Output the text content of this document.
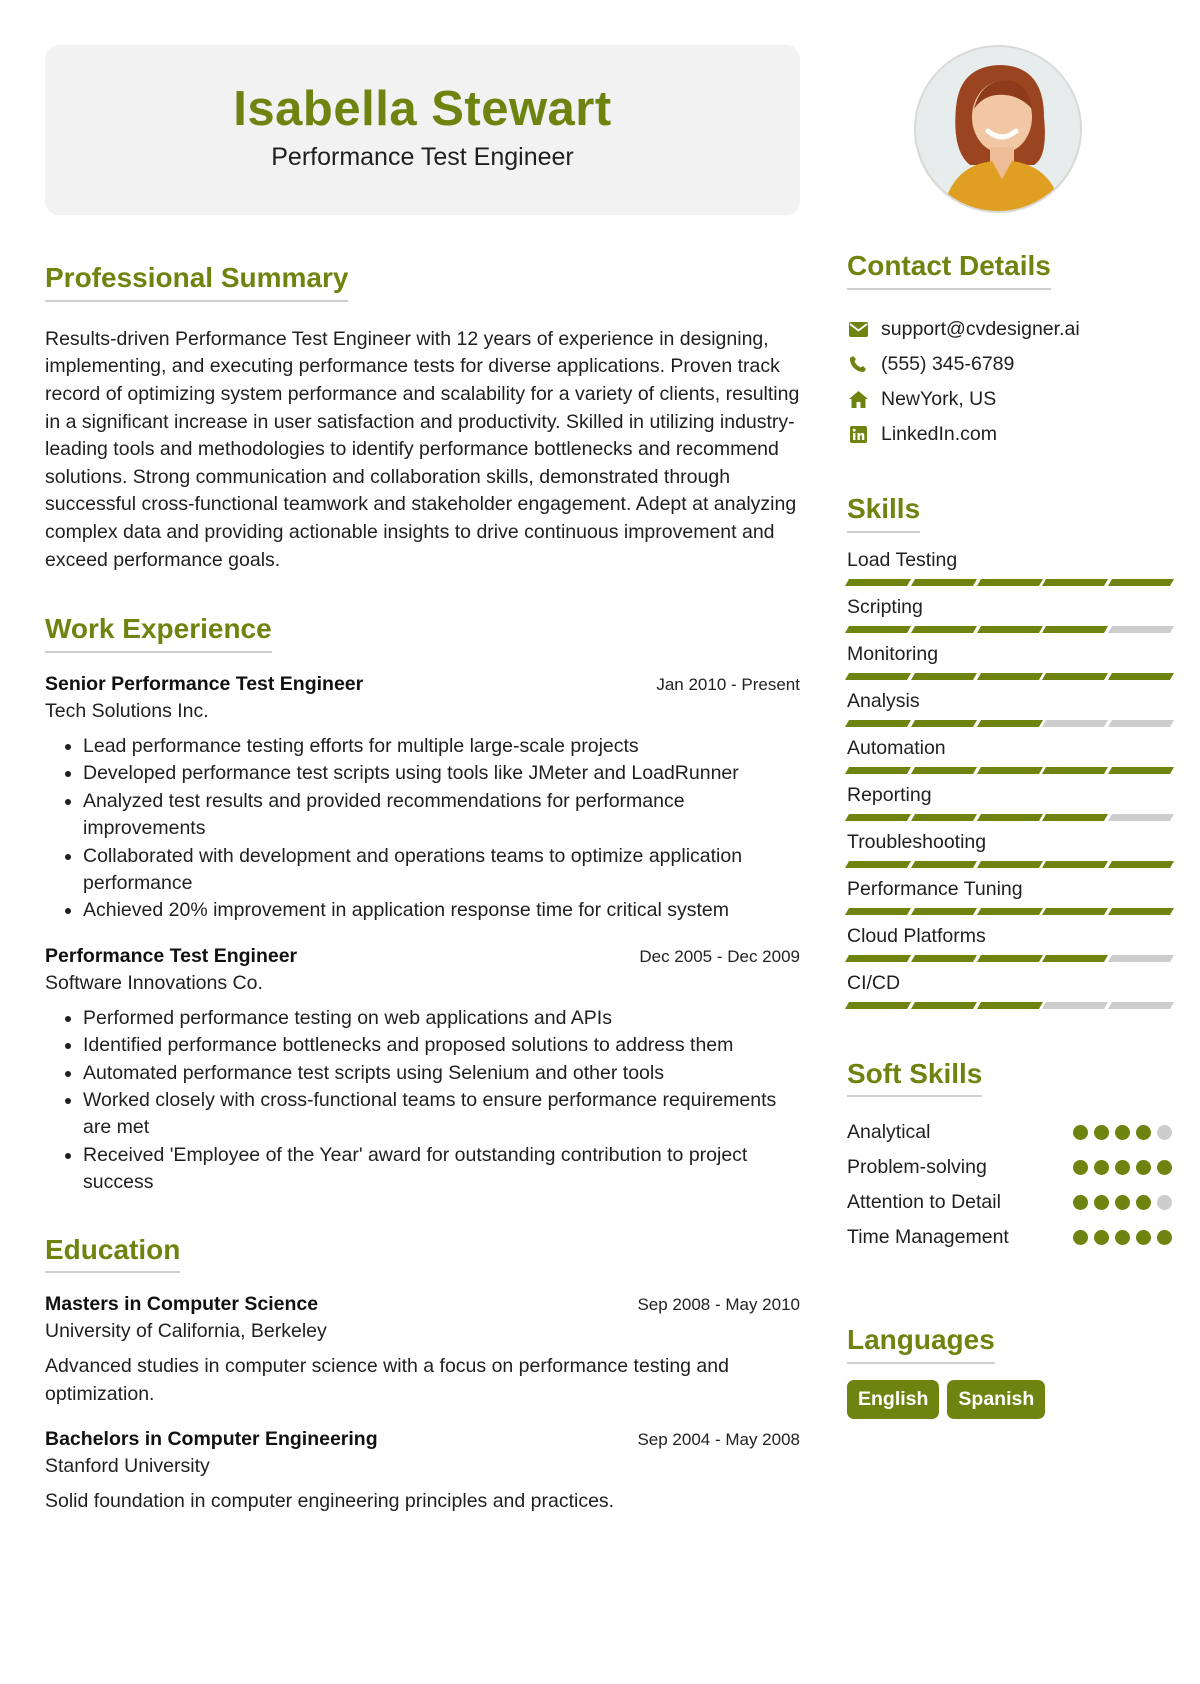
Isabella Stewart
Performance Test Engineer
Professional Summary

Results-driven Performance Test Engineer with 12 years of experience in designing, implementing, and executing performance tests for diverse applications. Proven track record of optimizing system performance and scalability for a variety of clients, resulting in a significant increase in user satisfaction and productivity. Skilled in utilizing industry-leading tools and methodologies to identify performance bottlenecks and recommend solutions. Strong communication and collaboration skills, demonstrated through successful cross-functional teamwork and stakeholder engagement. Adept at analyzing complex data and providing actionable insights to drive continuous improvement and exceed performance goals.

Work Experience
Senior Performance Test Engineer	Jan 2010 - Present
Tech Solutions Inc.
• Lead performance testing efforts for multiple large-scale projects
• Developed performance test scripts using tools like JMeter and LoadRunner
• Analyzed test results and provided recommendations for performance improvements
• Collaborated with development and operations teams to optimize application performance
• Achieved 20% improvement in application response time for critical system
Performance Test Engineer	Dec 2005 - Dec 2009
Software Innovations Co.
• Performed performance testing on web applications and APIs
• Identified performance bottlenecks and proposed solutions to address them
• Automated performance test scripts using Selenium and other tools
• Worked closely with cross-functional teams to ensure performance requirements are met
• Received 'Employee of the Year' award for outstanding contribution to project success
Education
Masters in Computer Science	Sep 2008 - May 2010
University of California, Berkeley

Advanced studies in computer science with a focus on performance testing and optimization.

Bachelors in Computer Engineering	Sep 2004 - May 2008
Stanford University

Solid foundation in computer engineering principles and practices.

Contact Details
support@cvdesigner.ai
(555) 345-6789
NewYork, US
LinkedIn.com
Skills
Load Testing
Scripting
Monitoring
Analysis
Automation
Reporting
Troubleshooting
Performance Tuning
Cloud Platforms
CI/CD
Soft Skills
Analytical
Problem-solving
Attention to Detail
Time Management
Languages
English	Spanish
